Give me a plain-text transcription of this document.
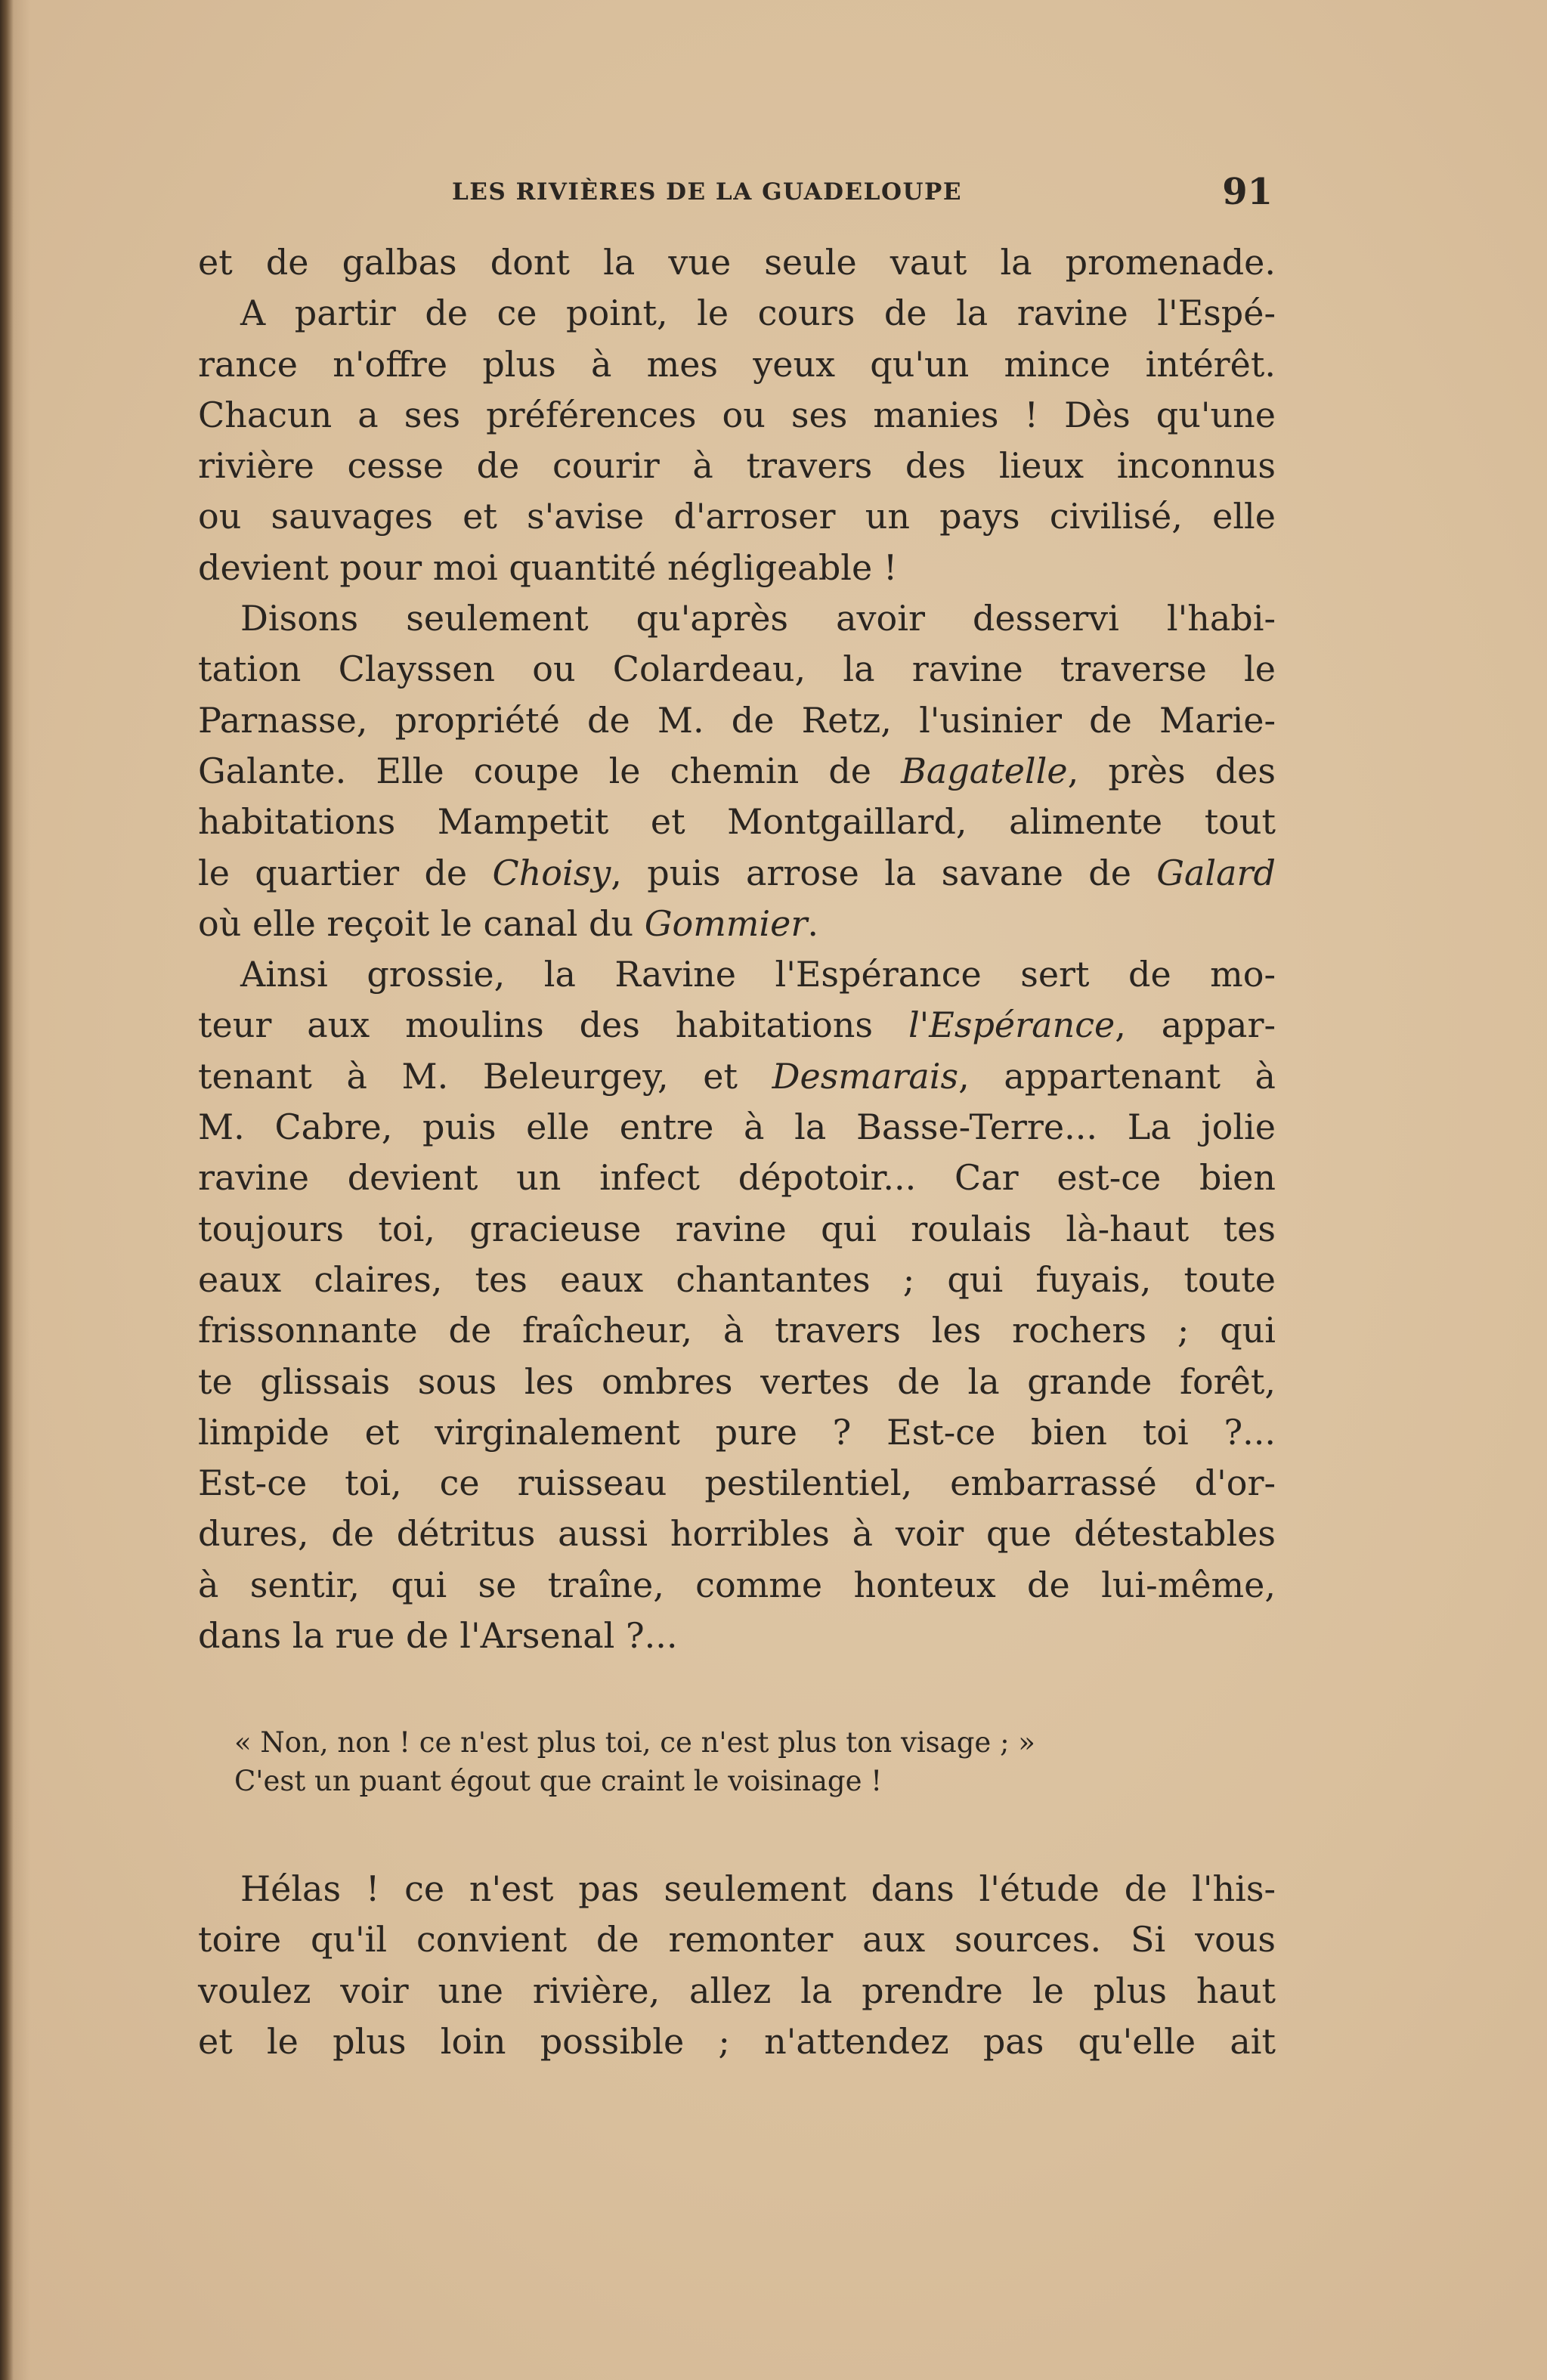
LES RIVIÈRES DE LA GUADELOUPE	91
et de galbas dont la vue seule vaut la promenade.
A partir de ce point, le cours de la ravine l'Espé-
rance n'offre plus à mes yeux qu'un mince intérêt.
Chacun a ses préférences ou ses manies ! Dès qu'une
rivière cesse de courir à travers des lieux inconnus
ou sauvages et s'avise d'arroser un pays civilisé, elle
devient pour moi quantité négligeable !
Disons seulement qu'après avoir desservi l'habi-
tation Clayssen ou Colardeau, la ravine traverse le
Parnasse, propriété de M. de Retz, l'usinier de Marie-
Galante. Elle coupe le chemin de Bagatelle, près des
habitations Mampetit et Montgaillard, alimente tout
le quartier de Choisy, puis arrose la savane de Galard
où elle reçoit le canal du Gommier.
Ainsi grossie, la Ravine l'Espérance sert de mo-
teur aux moulins des habitations l'Espérance, appar-
tenant à M. Beleurgey, et Desmarais, appartenant à
M. Cabre, puis elle entre à la Basse-Terre... La jolie
ravine devient un infect dépotoir... Car est-ce bien
toujours toi, gracieuse ravine qui roulais là-haut tes
eaux claires, tes eaux chantantes ; qui fuyais, toute
frissonnante de fraîcheur, à travers les rochers ; qui
te glissais sous les ombres vertes de la grande forêt,
limpide et virginalement pure ? Est-ce bien toi ?...
Est-ce toi, ce ruisseau pestilentiel, embarrassé d'or-
dures, de détritus aussi horribles à voir que détestables
à sentir, qui se traîne, comme honteux de lui-même,
dans la rue de l'Arsenal ?...
« Non, non ! ce n'est plus toi, ce n'est plus ton visage ; »
C'est un puant égout que craint le voisinage !
Hélas ! ce n'est pas seulement dans l'étude de l'his-
toire qu'il convient de remonter aux sources. Si vous
voulez voir une rivière, allez la prendre le plus haut
et le plus loin possible ; n'attendez pas qu'elle ait
